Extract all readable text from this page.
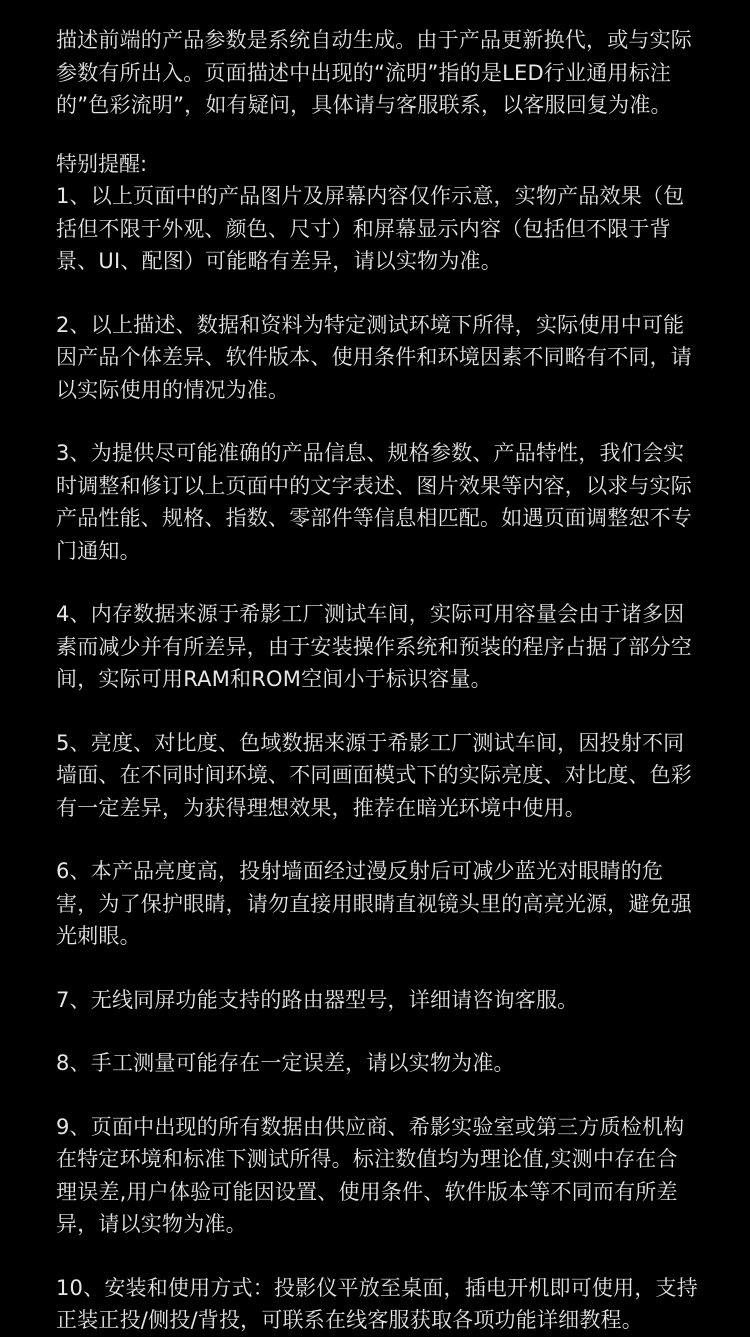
描述前端的产品参数是系统自动生成。由于产品更新换代，或与实际参数有所出入。页面描述中出现的“流明”指的是LED行业通用标注的”色彩流明”，如有疑问，具体请与客服联系，以客服回复为准。

特别提醒:

1、以上页面中的产品图片及屏幕内容仅作示意，实物产品效果（包括但不限于外观、颜色、尺寸）和屏幕显示内容（包括但不限于背景、UI、配图）可能略有差异，请以实物为准。
2、以上描述、数据和资料为特定测试环境下所得，实际使用中可能因产品个体差异、软件版本、使用条件和环境因素不同略有不同，请以实际使用的情况为准。
3、为提供尽可能准确的产品信息、规格参数、产品特性，我们会实时调整和修订以上页面中的文字表述、图片效果等内容，以求与实际产品性能、规格、指数、零部件等信息相匹配。如遇页面调整恕不专门通知。
4、内存数据来源于希影工厂测试车间，实际可用容量会由于诸多因素而减少并有所差异，由于安装操作系统和预装的程序占据了部分空间，实际可用RAM和ROM空间小于标识容量。
5、亮度、对比度、色域数据来源于希影工厂测试车间，因投射不同墙面、在不同时间环境、不同画面模式下的实际亮度、对比度、色彩有一定差异，为获得理想效果，推荐在暗光环境中使用。
6、本产品亮度高，投射墙面经过漫反射后可减少蓝光对眼睛的危害，为了保护眼睛，请勿直接用眼睛直视镜头里的高亮光源，避免强光刺眼。
7、无线同屏功能支持的路由器型号，详细请咨询客服。
8、手工测量可能存在一定误差，请以实物为准。
9、页面中出现的所有数据由供应商、希影实验室或第三方质检机构在特定环境和标准下测试所得。标注数值均为理论值,实测中存在合理误差,用户体验可能因设置、使用条件、软件版本等不同而有所差异，请以实物为准。
10、安装和使用方式：投影仪平放至桌面，插电开机即可使用，支持正装正投/侧投/背投，可联系在线客服获取各项功能详细教程。
